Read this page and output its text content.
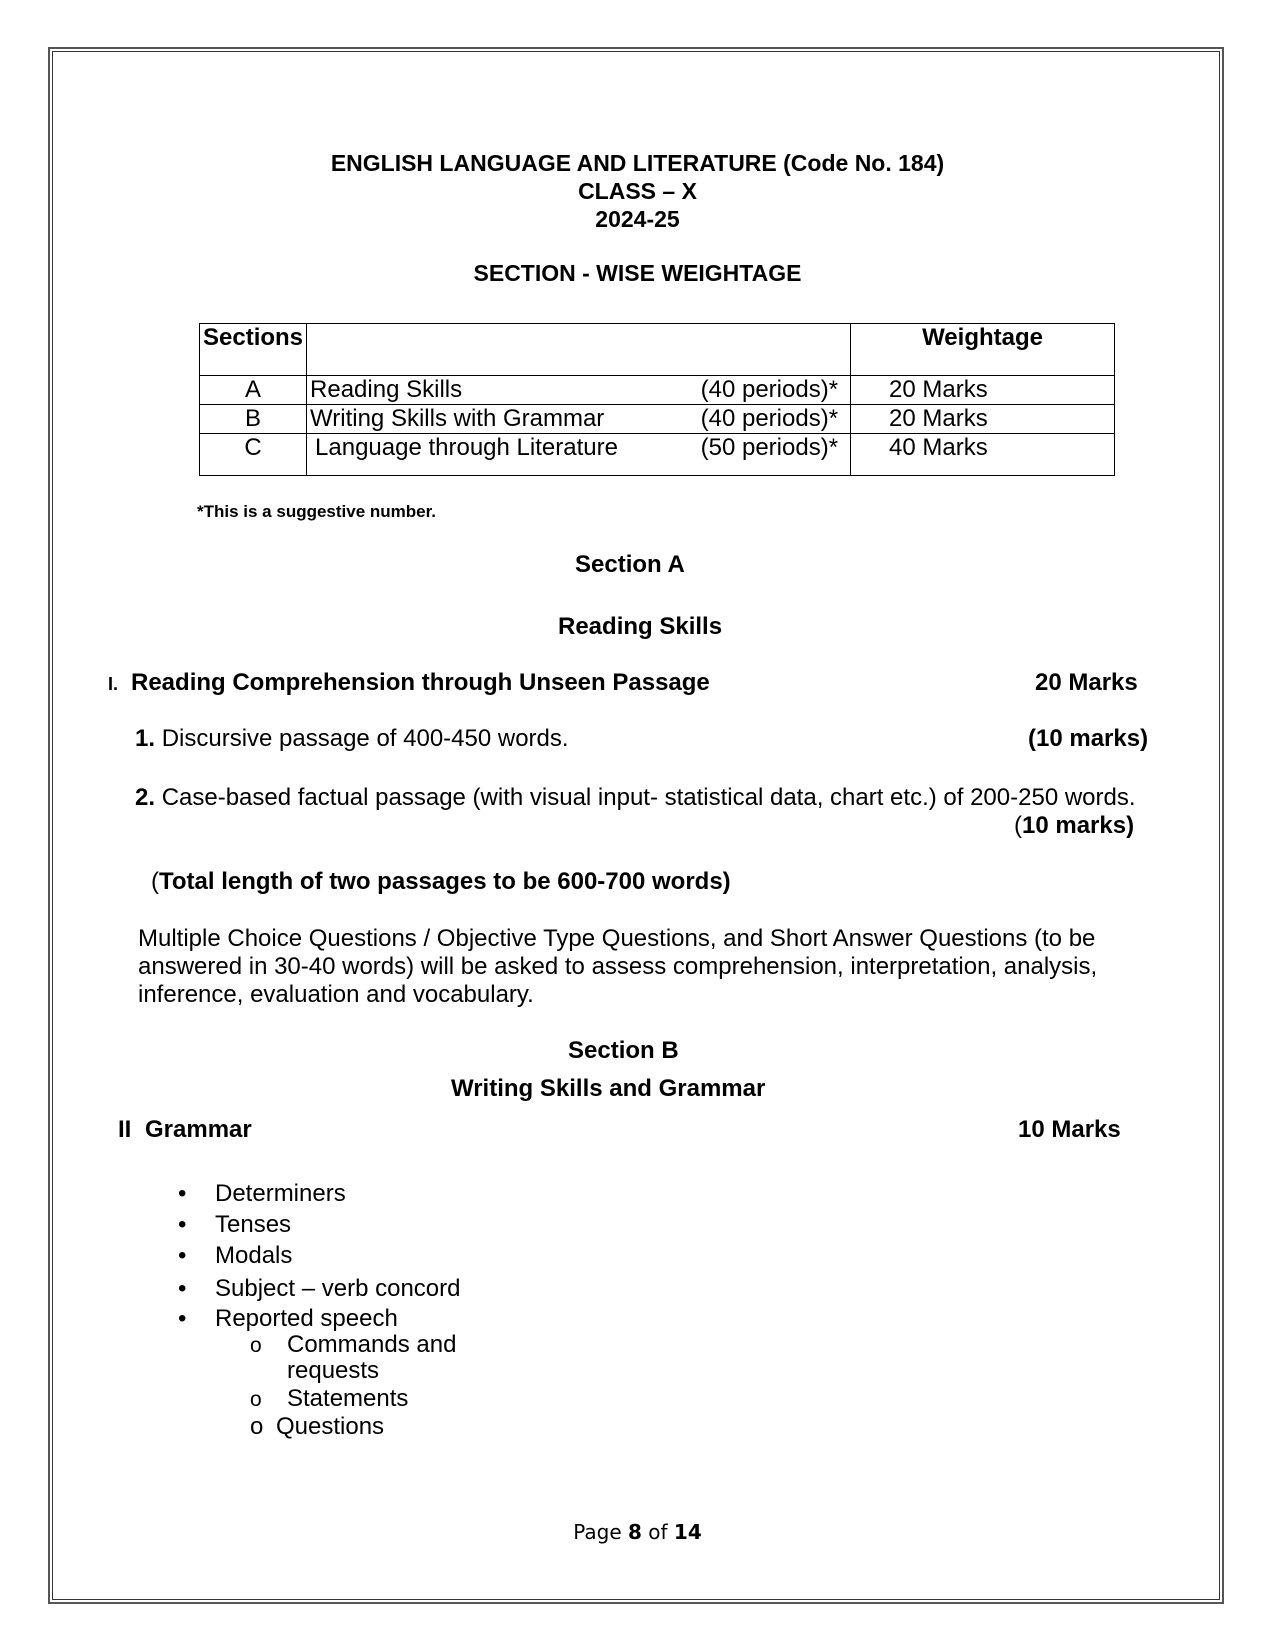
ENGLISH LANGUAGE AND LITERATURE (Code No. 184)
CLASS – X
2024-25
SECTION - WISE WEIGHTAGE
Sections		Weightage
A	Reading Skills (40 periods)*	20 Marks
B	Writing Skills with Grammar (40 periods)*	20 Marks
C	Language through Literature (50 periods)*	40 Marks
*This is a suggestive number.
Section A
Reading Skills
I. Reading Comprehension through Unseen Passage	20 Marks
1. Discursive passage of 400-450 words.	(10 marks)
2. Case-based factual passage (with visual input- statistical data, chart etc.) of 200-250 words.
(10 marks)
(Total length of two passages to be 600-700 words)
Multiple Choice Questions / Objective Type Questions, and Short Answer Questions (to be
answered in 30-40 words) will be asked to assess comprehension, interpretation, analysis,
inference, evaluation and vocabulary.
Section B
Writing Skills and Grammar
II Grammar	10 Marks
• Determiners
• Tenses
• Modals
• Subject – verb concord
• Reported speech
o Commands and
requests
o Statements
o Questions
Page 8 of 14
